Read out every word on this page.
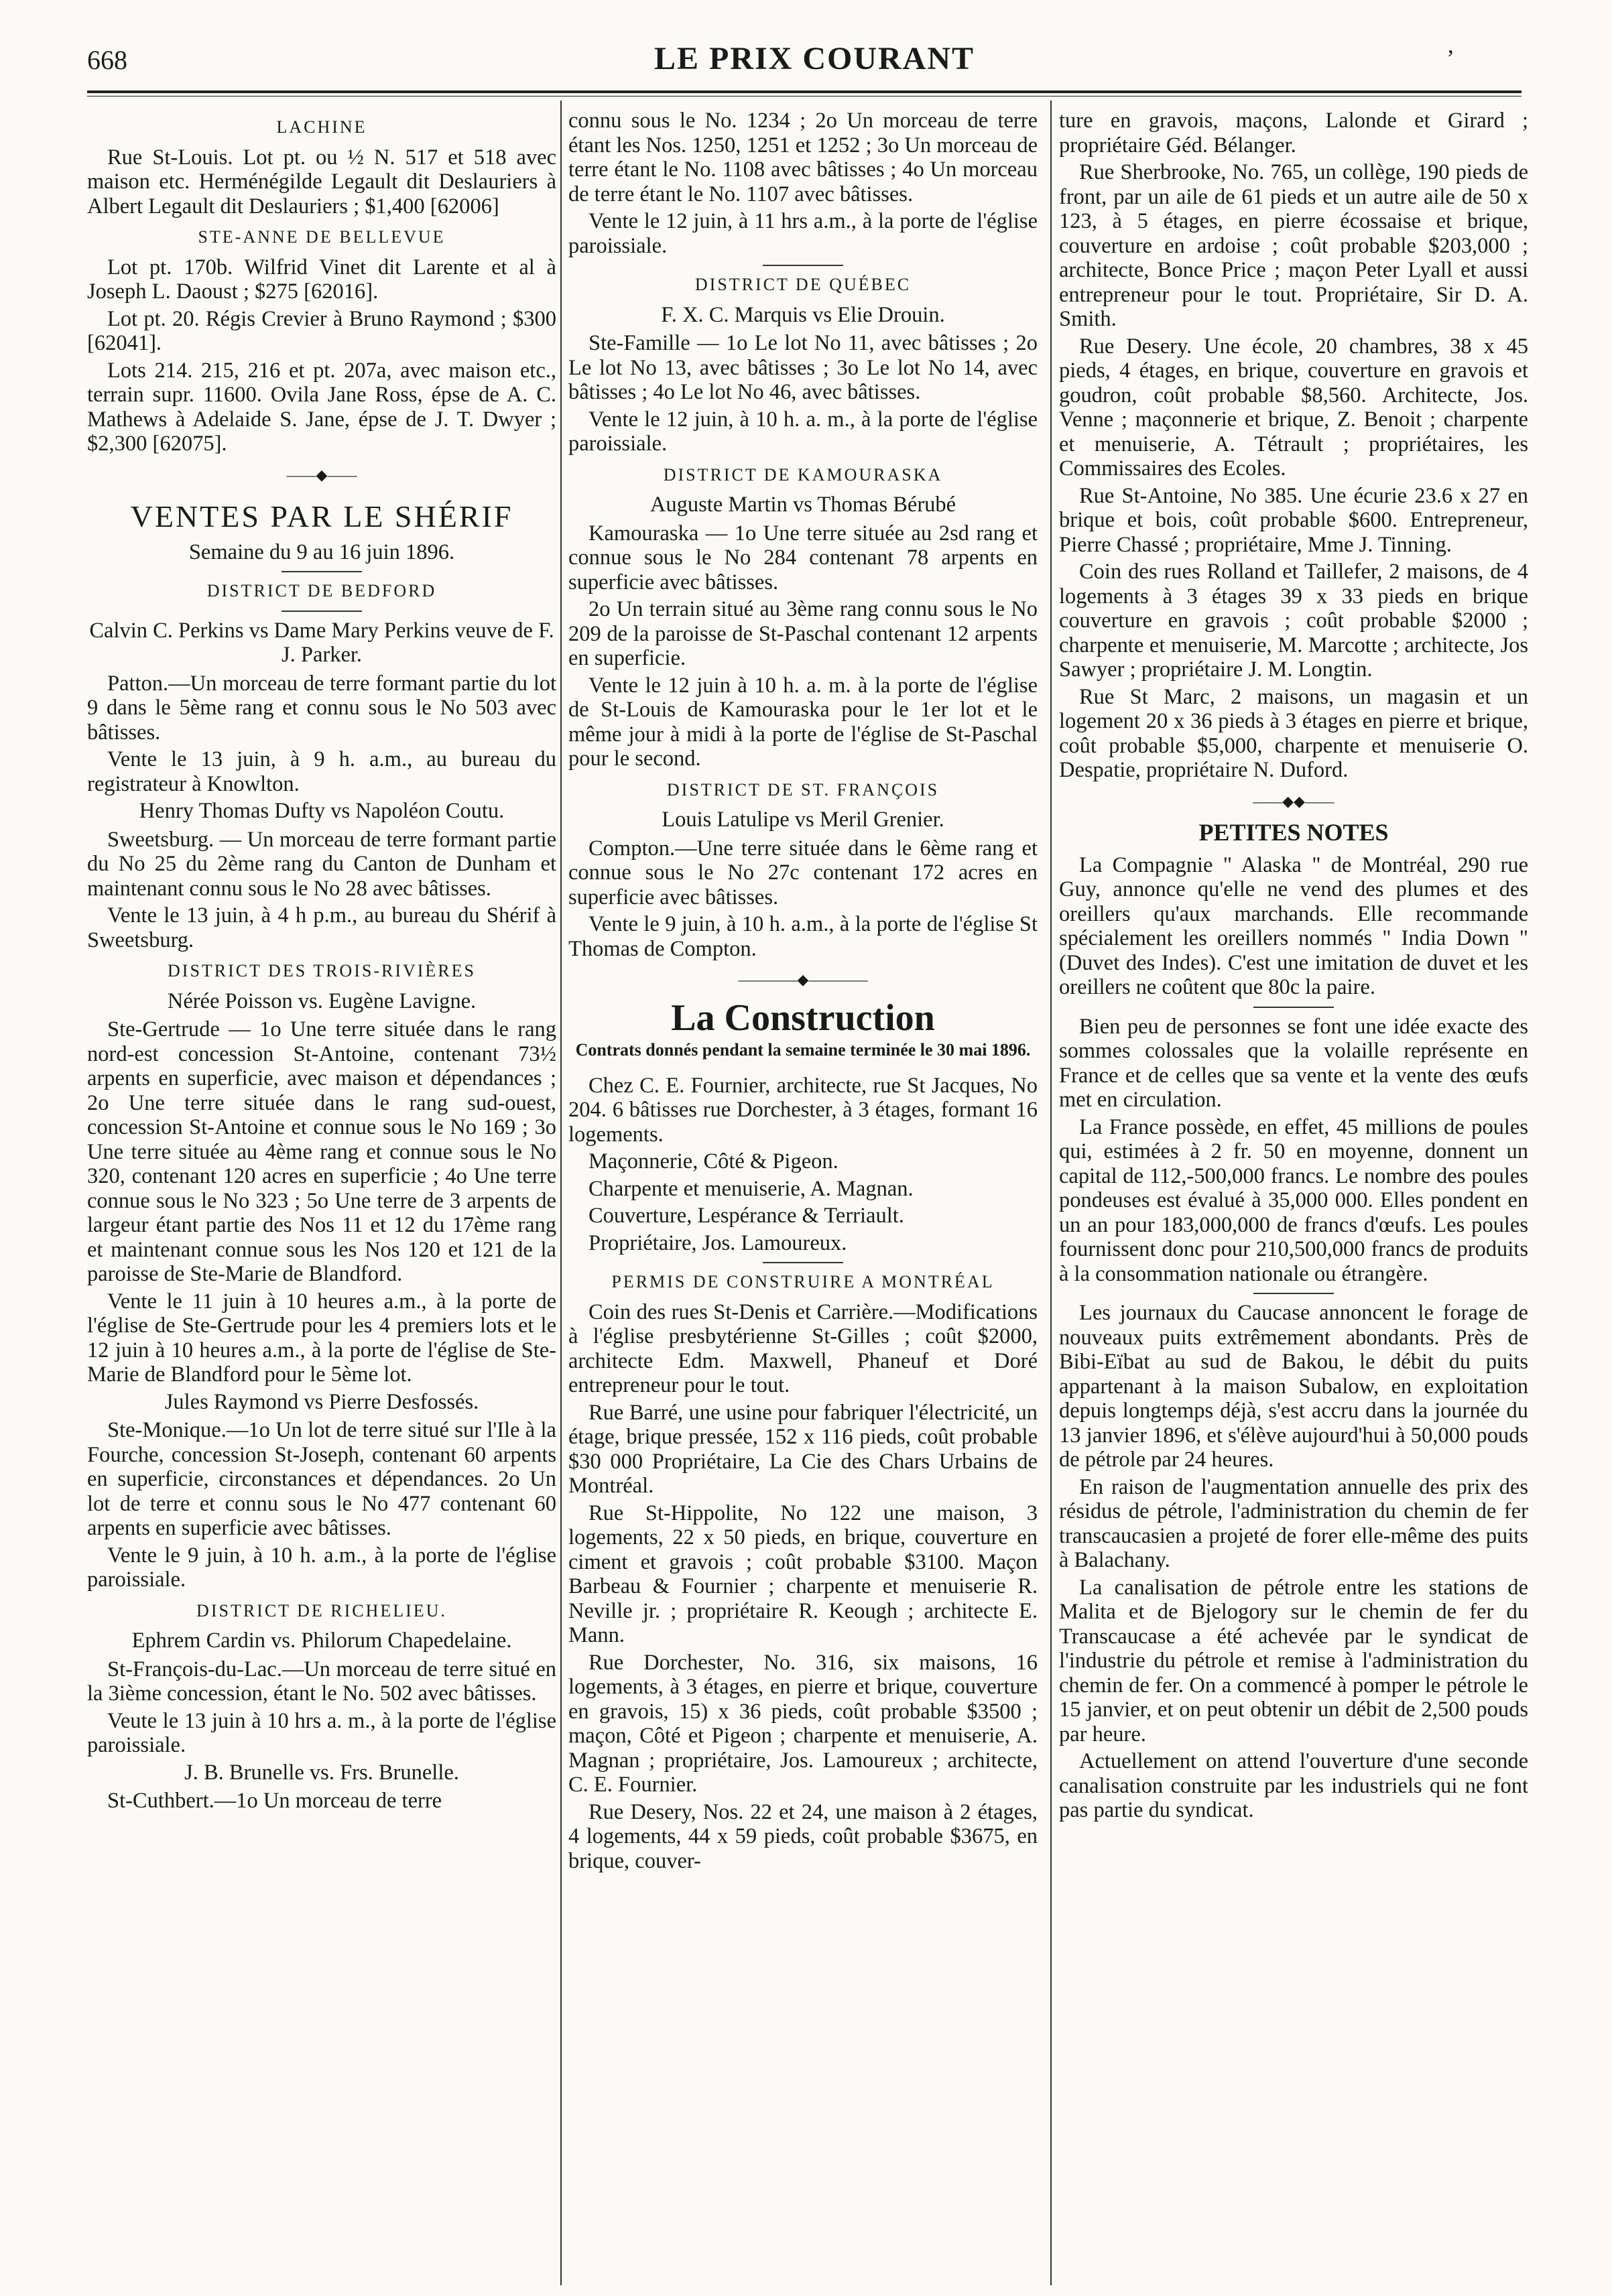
668	LE PRIX COURANT	ʼ
LACHINE

Rue St-Louis. Lot pt. ou ½ N. 517 et 518 avec maison etc. Herménégilde Legault dit Deslauriers à Albert Legault dit Deslauriers ; $1,400 [62006]

STE-ANNE DE BELLEVUE

Lot pt. 170b. Wilfrid Vinet dit Larente et al à Joseph L. Daoust ; $275 [62016].

Lot pt. 20. Régis Crevier à Bruno Raymond ; $300 [62041].

Lots 214. 215, 216 et pt. 207a, avec maison etc., terrain supr. 11600. Ovila Jane Ross, épse de A. C. Mathews à Adelaide S. Jane, épse de J. T. Dwyer ; $2,300 [62075].

——◆——
VENTES PAR LE SHÉRIF
Semaine du 9 au 16 juin 1896.
DISTRICT DE BEDFORD
Calvin C. Perkins vs Dame Mary Perkins veuve de F. J. Parker.

Patton.—Un morceau de terre formant partie du lot 9 dans le 5ème rang et connu sous le No 503 avec bâtisses.

Vente le 13 juin, à 9 h. a.m., au bureau du registrateur à Knowlton.

Henry Thomas Dufty vs Napoléon Coutu.

Sweetsburg. — Un morceau de terre formant partie du No 25 du 2ème rang du Canton de Dunham et maintenant connu sous le No 28 avec bâtisses.

Vente le 13 juin, à 4 h p.m., au bureau du Shérif à Sweetsburg.

DISTRICT DES TROIS-RIVIÈRES
Nérée Poisson vs. Eugène Lavigne.

Ste-Gertrude — 1o Une terre située dans le rang nord-est concession St-Antoine, contenant 73½ arpents en superficie, avec maison et dépendances ; 2o Une terre située dans le rang sud-ouest, concession St-Antoine et connue sous le No 169 ; 3o Une terre située au 4ème rang et connue sous le No 320, contenant 120 acres en superficie ; 4o Une terre connue sous le No 323 ; 5o Une terre de 3 arpents de largeur étant partie des Nos 11 et 12 du 17ème rang et maintenant connue sous les Nos 120 et 121 de la paroisse de Ste-Marie de Blandford.

Vente le 11 juin à 10 heures a.m., à la porte de l'église de Ste-Gertrude pour les 4 premiers lots et le 12 juin à 10 heures a.m., à la porte de l'église de Ste-Marie de Blandford pour le 5ème lot.

Jules Raymond vs Pierre Desfossés.

Ste-Monique.—1o Un lot de terre situé sur l'Ile à la Fourche, concession St-Joseph, contenant 60 arpents en superficie, circonstances et dépendances. 2o Un lot de terre et connu sous le No 477 contenant 60 arpents en superficie avec bâtisses.

Vente le 9 juin, à 10 h. a.m., à la porte de l'église paroissiale.

DISTRICT DE RICHELIEU.
Ephrem Cardin vs. Philorum Chapedelaine.

St-François-du-Lac.—Un morceau de terre situé en la 3ième concession, étant le No. 502 avec bâtisses.

Veute le 13 juin à 10 hrs a. m., à la porte de l'église paroissiale.

J. B. Brunelle vs. Frs. Brunelle.

St-Cuthbert.—1o Un morceau de terre

connu sous le No. 1234 ; 2o Un morceau de terre étant les Nos. 1250, 1251 et 1252 ; 3o Un morceau de terre étant le No. 1108 avec bâtisses ; 4o Un morceau de terre étant le No. 1107 avec bâtisses.

Vente le 12 juin, à 11 hrs a.m., à la porte de l'église paroissiale.

DISTRICT DE QUÉBEC
F. X. C. Marquis vs Elie Drouin.

Ste-Famille — 1o Le lot No 11, avec bâtisses ; 2o Le lot No 13, avec bâtisses ; 3o Le lot No 14, avec bâtisses ; 4o Le lot No 46, avec bâtisses.

Vente le 12 juin, à 10 h. a. m., à la porte de l'église paroissiale.

DISTRICT DE KAMOURASKA
Auguste Martin vs Thomas Bérubé

Kamouraska — 1o Une terre située au 2sd rang et connue sous le No 284 contenant 78 arpents en superficie avec bâtisses.

2o Un terrain situé au 3ème rang connu sous le No 209 de la paroisse de St-Paschal contenant 12 arpents en superficie.

Vente le 12 juin à 10 h. a. m. à la porte de l'église de St-Louis de Kamouraska pour le 1er lot et le même jour à midi à la porte de l'église de St-Paschal pour le second.

DISTRICT DE ST. FRANÇOIS
Louis Latulipe vs Meril Grenier.

Compton.—Une terre située dans le 6ème rang et connue sous le No 27c contenant 172 acres en superficie avec bâtisses.

Vente le 9 juin, à 10 h. a.m., à la porte de l'église St Thomas de Compton.

————◆————
La Construction
Contrats donnés pendant la semaine terminée le 30 mai 1896.

Chez C. E. Fournier, architecte, rue St Jacques, No 204. 6 bâtisses rue Dorchester, à 3 étages, formant 16 logements.

Maçonnerie, Côté & Pigeon.

Charpente et menuiserie, A. Magnan.

Couverture, Lespérance & Terriault.

Propriétaire, Jos. Lamoureux.

PERMIS DE CONSTRUIRE A MONTRÉAL

Coin des rues St-Denis et Carrière.—Modifications à l'église presbytérienne St-Gilles ; coût $2000, architecte Edm. Maxwell, Phaneuf et Doré entrepreneur pour le tout.

Rue Barré, une usine pour fabriquer l'électricité, un étage, brique pressée, 152 x 116 pieds, coût probable $30 000 Propriétaire, La Cie des Chars Urbains de Montréal.

Rue St-Hippolite, No 122 une maison, 3 logements, 22 x 50 pieds, en brique, couverture en ciment et gravois ; coût probable $3100. Maçon Barbeau & Fournier ; charpente et menuiserie R. Neville jr. ; propriétaire R. Keough ; architecte E. Mann.

Rue Dorchester, No. 316, six maisons, 16 logements, à 3 étages, en pierre et brique, couverture en gravois, 15) x 36 pieds, coût probable $3500 ; maçon, Côté et Pigeon ; charpente et menuiserie, A. Magnan ; propriétaire, Jos. Lamoureux ; architecte, C. E. Fournier.

Rue Desery, Nos. 22 et 24, une maison à 2 étages, 4 logements, 44 x 59 pieds, coût probable $3675, en brique, couver-

ture en gravois, maçons, Lalonde et Girard ; propriétaire Géd. Bélanger.

Rue Sherbrooke, No. 765, un collège, 190 pieds de front, par un aile de 61 pieds et un autre aile de 50 x 123, à 5 étages, en pierre écossaise et brique, couverture en ardoise ; coût probable $203,000 ; architecte, Bonce Price ; maçon Peter Lyall et aussi entrepreneur pour le tout. Propriétaire, Sir D. A. Smith.

Rue Desery. Une école, 20 chambres, 38 x 45 pieds, 4 étages, en brique, couverture en gravois et goudron, coût probable $8,560. Architecte, Jos. Venne ; maçonnerie et brique, Z. Benoit ; charpente et menuiserie, A. Tétrault ; propriétaires, les Commissaires des Ecoles.

Rue St-Antoine, No 385. Une écurie 23.6 x 27 en brique et bois, coût probable $600. Entrepreneur, Pierre Chassé ; propriétaire, Mme J. Tinning.

Coin des rues Rolland et Taillefer, 2 maisons, de 4 logements à 3 étages 39 x 33 pieds en brique couverture en gravois ; coût probable $2000 ; charpente et menuiserie, M. Marcotte ; architecte, Jos Sawyer ; propriétaire J. M. Longtin.

Rue St Marc, 2 maisons, un magasin et un logement 20 x 36 pieds à 3 étages en pierre et brique, coût probable $5,000, charpente et menuiserie O. Despatie, propriétaire N. Duford.

——◆◆——
PETITES NOTES

La Compagnie " Alaska " de Montréal, 290 rue Guy, annonce qu'elle ne vend des plumes et des oreillers qu'aux marchands. Elle recommande spécialement les oreillers nommés " India Down " (Duvet des Indes). C'est une imitation de duvet et les oreillers ne coûtent que 80c la paire.

Bien peu de personnes se font une idée exacte des sommes colossales que la volaille représente en France et de celles que sa vente et la vente des œufs met en circulation.

La France possède, en effet, 45 millions de poules qui, estimées à 2 fr. 50 en moyenne, donnent un capital de 112,-500,000 francs. Le nombre des poules pondeuses est évalué à 35,000 000. Elles pondent en un an pour 183,000,000 de francs d'œufs. Les poules fournissent donc pour 210,500,000 francs de produits à la consommation nationale ou étrangère.

Les journaux du Caucase annoncent le forage de nouveaux puits extrêmement abondants. Près de Bibi-Eïbat au sud de Bakou, le débit du puits appartenant à la maison Subalow, en exploitation depuis longtemps déjà, s'est accru dans la journée du 13 janvier 1896, et s'élève aujourd'hui à 50,000 pouds de pétrole par 24 heures.

En raison de l'augmentation annuelle des prix des résidus de pétrole, l'administration du chemin de fer transcaucasien a projeté de forer elle-même des puits à Balachany.

La canalisation de pétrole entre les stations de Malita et de Bjelogory sur le chemin de fer du Transcaucase a été achevée par le syndicat de l'industrie du pétrole et remise à l'administration du chemin de fer. On a commencé à pomper le pétrole le 15 janvier, et on peut obtenir un débit de 2,500 pouds par heure.

Actuellement on attend l'ouverture d'une seconde canalisation construite par les industriels qui ne font pas partie du syndicat.
